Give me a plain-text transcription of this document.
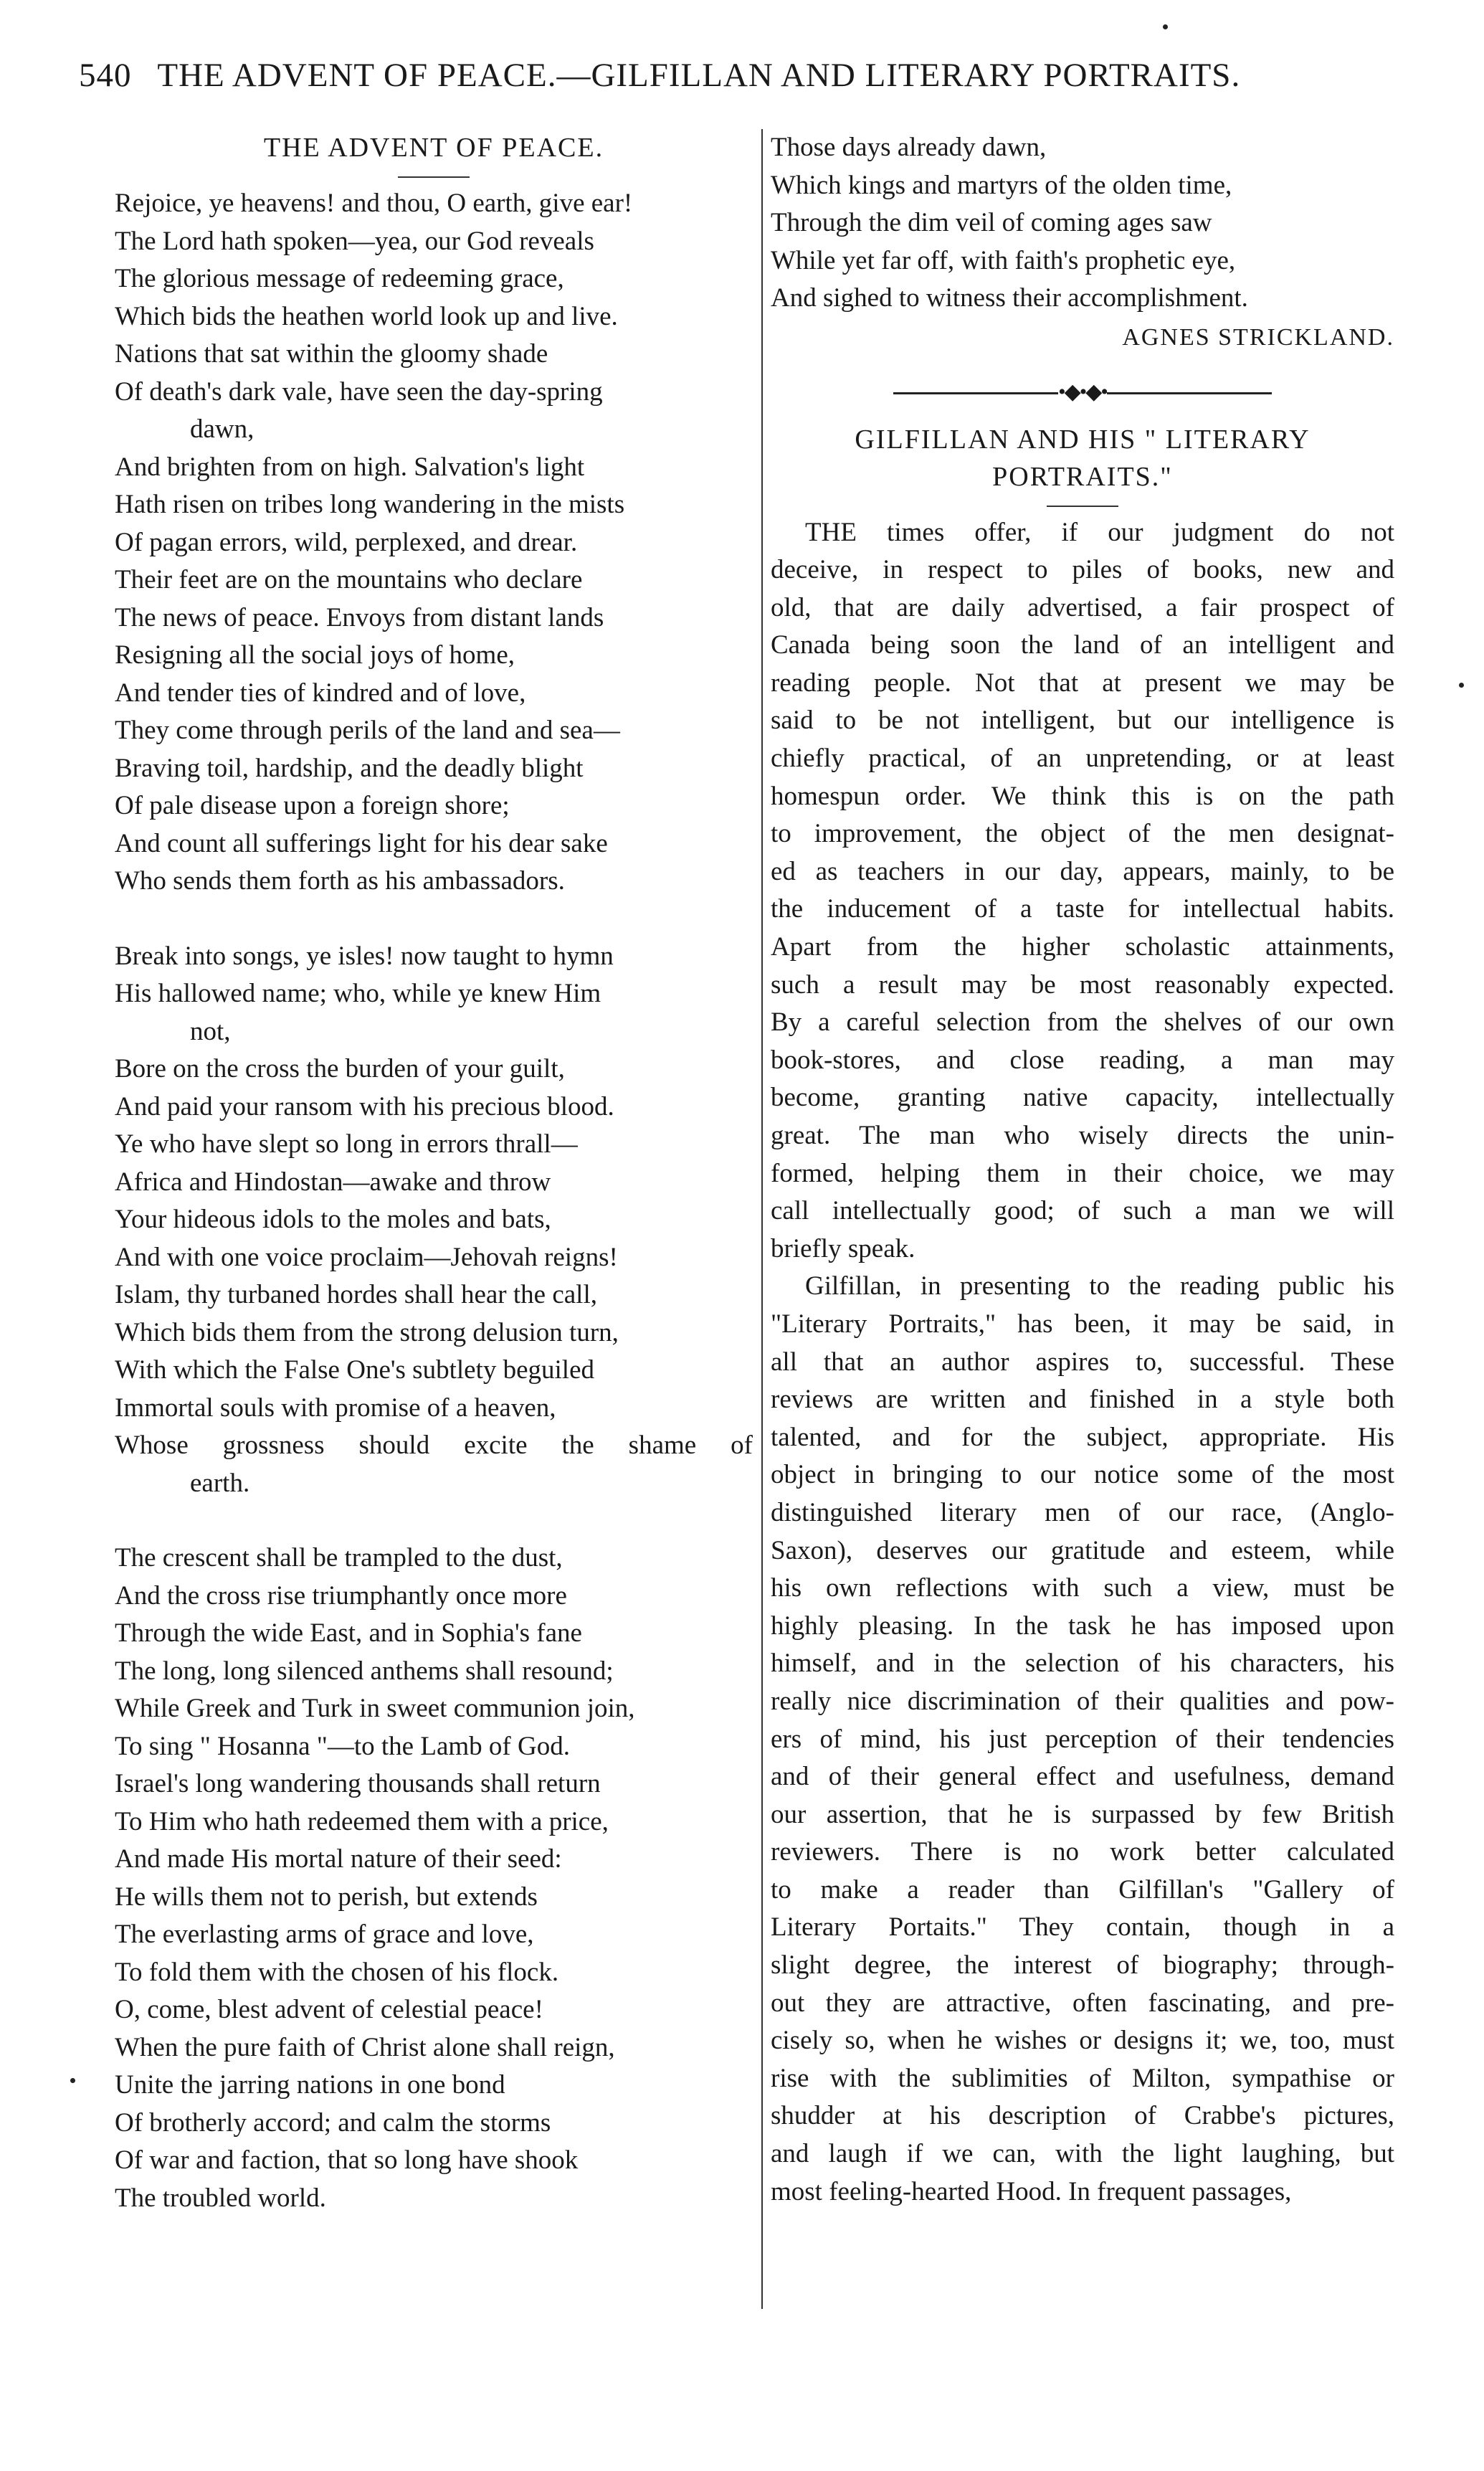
540 THE ADVENT OF PEACE.—GILFILLAN AND LITERARY PORTRAITS.
THE ADVENT OF PEACE.
Rejoice, ye heavens! and thou, O earth, give ear!
The Lord hath spoken—yea, our God reveals
The glorious message of redeeming grace,
Which bids the heathen world look up and live.
Nations that sat within the gloomy shade
Of death's dark vale, have seen the day-spring
dawn,
And brighten from on high. Salvation's light
Hath risen on tribes long wandering in the mists
Of pagan errors, wild, perplexed, and drear.
Their feet are on the mountains who declare
The news of peace. Envoys from distant lands
Resigning all the social joys of home,
And tender ties of kindred and of love,
They come through perils of the land and sea—
Braving toil, hardship, and the deadly blight
Of pale disease upon a foreign shore;
And count all sufferings light for his dear sake
Who sends them forth as his ambassadors.
Break into songs, ye isles! now taught to hymn
His hallowed name; who, while ye knew Him
not,
Bore on the cross the burden of your guilt,
And paid your ransom with his precious blood.
Ye who have slept so long in errors thrall—
Africa and Hindostan—awake and throw
Your hideous idols to the moles and bats,
And with one voice proclaim—Jehovah reigns!
Islam, thy turbaned hordes shall hear the call,
Which bids them from the strong delusion turn,
With which the False One's subtlety beguiled
Immortal souls with promise of a heaven,
Whose grossness should excite the shame of
earth.
The crescent shall be trampled to the dust,
And the cross rise triumphantly once more
Through the wide East, and in Sophia's fane
The long, long silenced anthems shall resound;
While Greek and Turk in sweet communion join,
To sing " Hosanna "—to the Lamb of God.
Israel's long wandering thousands shall return
To Him who hath redeemed them with a price,
And made His mortal nature of their seed:
He wills them not to perish, but extends
The everlasting arms of grace and love,
To fold them with the chosen of his flock.
O, come, blest advent of celestial peace!
When the pure faith of Christ alone shall reign,
Unite the jarring nations in one bond
Of brotherly accord; and calm the storms
Of war and faction, that so long have shook
The troubled world.
Those days already dawn,
Which kings and martyrs of the olden time,
Through the dim veil of coming ages saw
While yet far off, with faith's prophetic eye,
And sighed to witness their accomplishment.
AGNES STRICKLAND.
•◆•◆•
GILFILLAN AND HIS " LITERARY
PORTRAITS."

THE times offer, if our judgment do not
deceive, in respect to piles of books, new and
old, that are daily advertised, a fair prospect of
Canada being soon the land of an intelligent and
reading people. Not that at present we may be
said to be not intelligent, but our intelligence is
chiefly practical, of an unpretending, or at least
homespun order. We think this is on the path
to improvement, the object of the men designat-
ed as teachers in our day, appears, mainly, to be
the inducement of a taste for intellectual habits.
Apart from the higher scholastic attainments,
such a result may be most reasonably expected.
By a careful selection from the shelves of our own
book-stores, and close reading, a man may
become, granting native capacity, intellectually
great. The man who wisely directs the unin-
formed, helping them in their choice, we may
call intellectually good; of such a man we will
briefly speak.

Gilfillan, in presenting to the reading public his
"Literary Portraits," has been, it may be said, in
all that an author aspires to, successful. These
reviews are written and finished in a style both
talented, and for the subject, appropriate. His
object in bringing to our notice some of the most
distinguished literary men of our race, (Anglo-
Saxon), deserves our gratitude and esteem, while
his own reflections with such a view, must be
highly pleasing. In the task he has imposed upon
himself, and in the selection of his characters, his
really nice discrimination of their qualities and pow-
ers of mind, his just perception of their tendencies
and of their general effect and usefulness, demand
our assertion, that he is surpassed by few British
reviewers. There is no work better calculated
to make a reader than Gilfillan's "Gallery of
Literary Portaits." They contain, though in a
slight degree, the interest of biography; through-
out they are attractive, often fascinating, and pre-
cisely so, when he wishes or designs it; we, too, must
rise with the sublimities of Milton, sympathise or
shudder at his description of Crabbe's pictures,
and laugh if we can, with the light laughing, but
most feeling-hearted Hood. In frequent passages,
